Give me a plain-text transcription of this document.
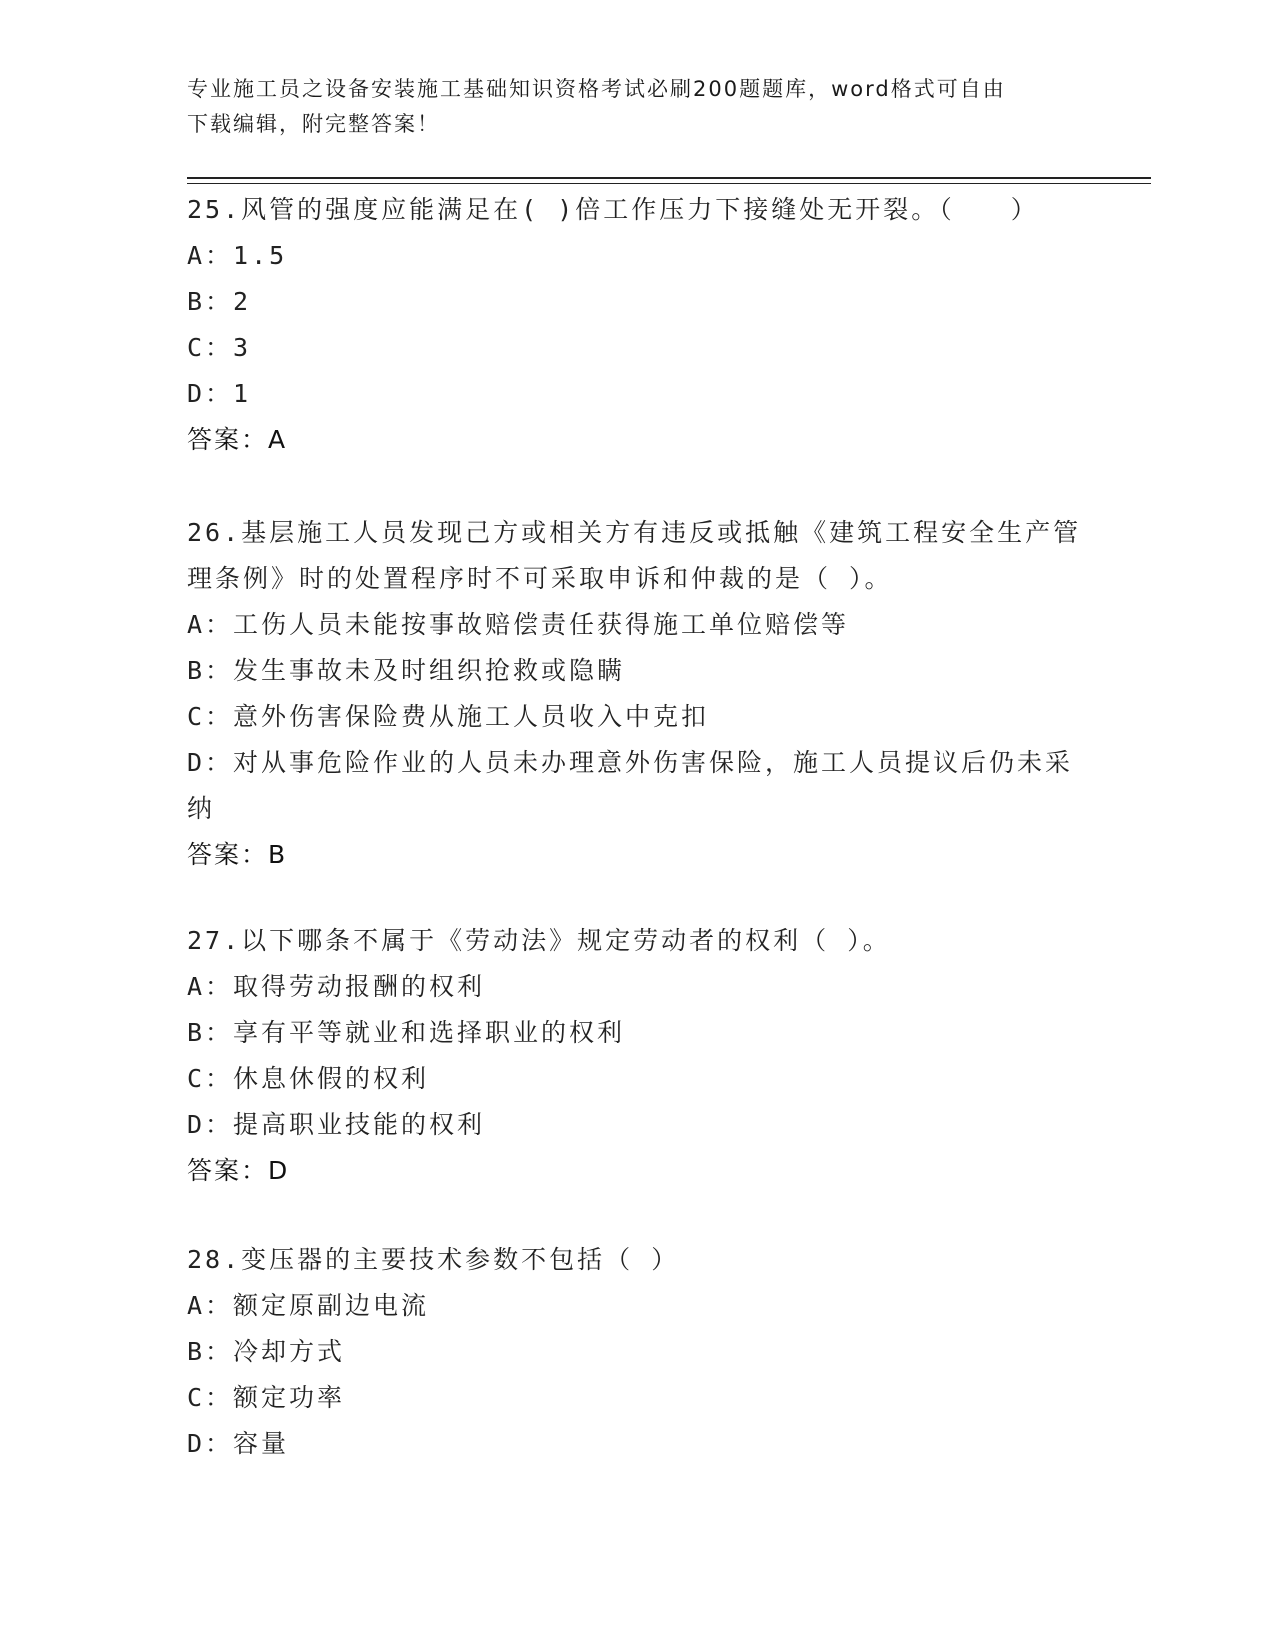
专业施工员之设备安装施工基础知识资格考试必刷200题题库，word格式可自由
下载编辑，附完整答案！
25.风管的强度应能满足在( )倍工作压力下接缝处无开裂。（　　）
A：1.5
B：2
C：3
D：1
答案：A
26.基层施工人员发现己方或相关方有违反或抵触《建筑工程安全生产管理条例》时的处置程序时不可采取申诉和仲裁的是（ ）。
A：工伤人员未能按事故赔偿责任获得施工单位赔偿等
B：发生事故未及时组织抢救或隐瞒
C：意外伤害保险费从施工人员收入中克扣
D：对从事危险作业的人员未办理意外伤害保险，施工人员提议后仍未采纳
答案：B
27.以下哪条不属于《劳动法》规定劳动者的权利（ ）。
A：取得劳动报酬的权利
B：享有平等就业和选择职业的权利
C：休息休假的权利
D：提高职业技能的权利
答案：D
28.变压器的主要技术参数不包括（ ）
A：额定原副边电流
B：冷却方式
C：额定功率
D：容量
